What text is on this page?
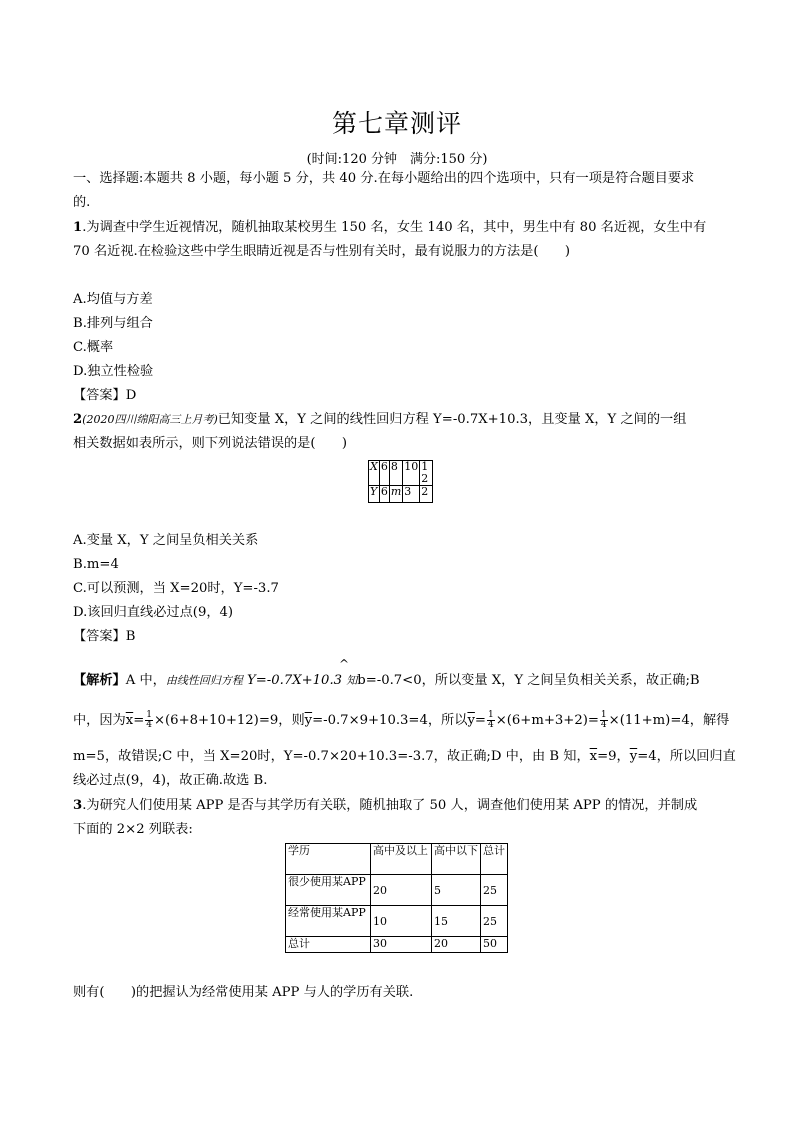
第七章测评
(时间:120 分钟　满分:150 分)
一、选择题:本题共 8 小题，每小题 5 分，共 40 分.在每小题给出的四个选项中，只有一项是符合题目要求
的.
1.为调查中学生近视情况，随机抽取某校男生 150 名，女生 140 名，其中，男生中有 80 名近视，女生中有
70 名近视.在检验这些中学生眼睛近视是否与性别有关时，最有说服力的方法是(　　)
A.均值与方差
B.排列与组合
C.概率
D.独立性检验
【答案】D
2(2020四川绵阳高三上月考)已知变量 X，Y 之间的线性回归方程 Y=-0.7X+10.3，且变量 X，Y 之间的一组
相关数据如表所示，则下列说法错误的是(　　)
X	6	8	10	1 2
Y	6	m	3	2
A.变量 X，Y 之间呈负相关关系
B.m=4
C.可以预测，当 X=20时，Y=-3.7
D.该回归直线必过点(9，4)
【答案】B
^
【解析】A 中，由线性回归方程 Y=-0.7X+10.3 知b=-0.7<0，所以变量 X，Y 之间呈负相关关系，故正确;B
中，因为$\overline{x}= \frac{1}{4} \times(6+8+10+12)=9$，则$\overline{y}=-0.7\times 9+10.3=4$，所以$\overline{y}= \frac{1}{4} \times(6+m+3+2)= \frac{1}{4} \times(11+m)=4$，解得
m=5，故错误;C 中，当 X=20时，Y=-0.7×20+10.3=-3.7，故正确;D 中，由 B 知，$\overline{x}=9$，$\overline{y}=4$，所以回归直
线必过点(9，4)，故正确.故选 B.
3.为研究人们使用某 APP 是否与其学历有关联，随机抽取了 50 人，调查他们使用某 APP 的情况，并制成
下面的 2×2 列联表:
学历	高中及以上	高中以下	总计
很少使用某APP	20	5	25
经常使用某APP	10	15	25
总计	30	20	50
则有(　　)的把握认为经常使用某 APP 与人的学历有关联.
